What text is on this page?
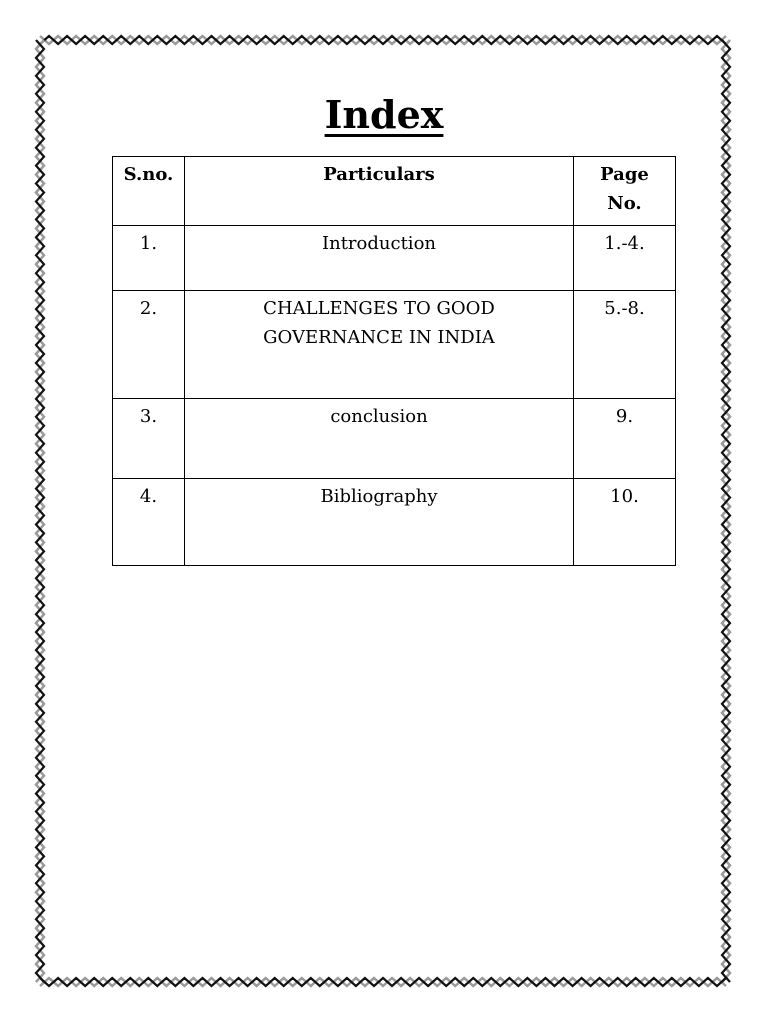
Index
S.no.	Particulars	Page
No.
1.	Introduction	1.-4.
2.	CHALLENGES TO GOOD
GOVERNANCE IN INDIA	5.-8.
3.	conclusion	9.
4.	Bibliography	10.
